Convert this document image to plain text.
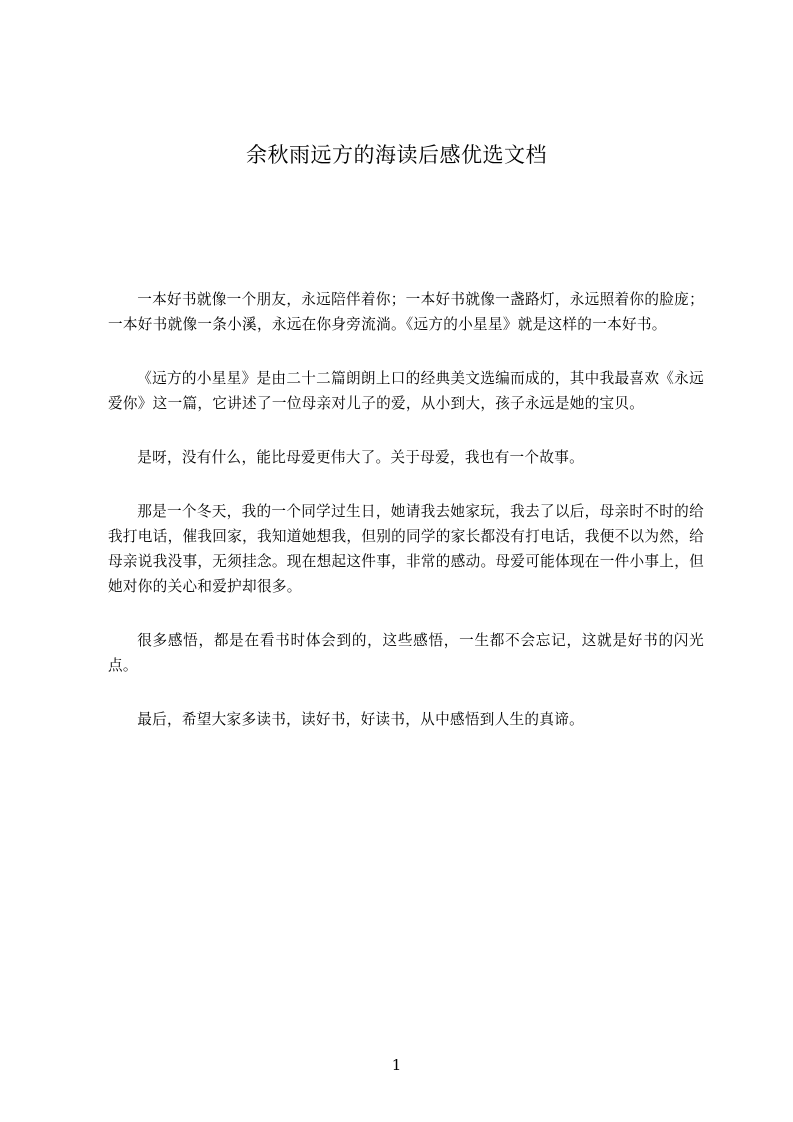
余秋雨远方的海读后感优选文档

一本好书就像一个朋友，永远陪伴着你；一本好书就像一盏路灯，永远照着你的脸庞；一本好书就像一条小溪，永远在你身旁流淌。《远方的小星星》就是这样的一本好书。

《远方的小星星》是由二十二篇朗朗上口的经典美文选编而成的，其中我最喜欢《永远爱你》这一篇，它讲述了一位母亲对儿子的爱，从小到大，孩子永远是她的宝贝。

是呀，没有什么，能比母爱更伟大了。关于母爱，我也有一个故事。

那是一个冬天，我的一个同学过生日，她请我去她家玩，我去了以后，母亲时不时的给我打电话，催我回家，我知道她想我，但别的同学的家长都没有打电话，我便不以为然，给母亲说我没事，无须挂念。现在想起这件事，非常的感动。母爱可能体现在一件小事上，但她对你的关心和爱护却很多。

很多感悟，都是在看书时体会到的，这些感悟，一生都不会忘记，这就是好书的闪光点。

最后，希望大家多读书，读好书，好读书，从中感悟到人生的真谛。

1
